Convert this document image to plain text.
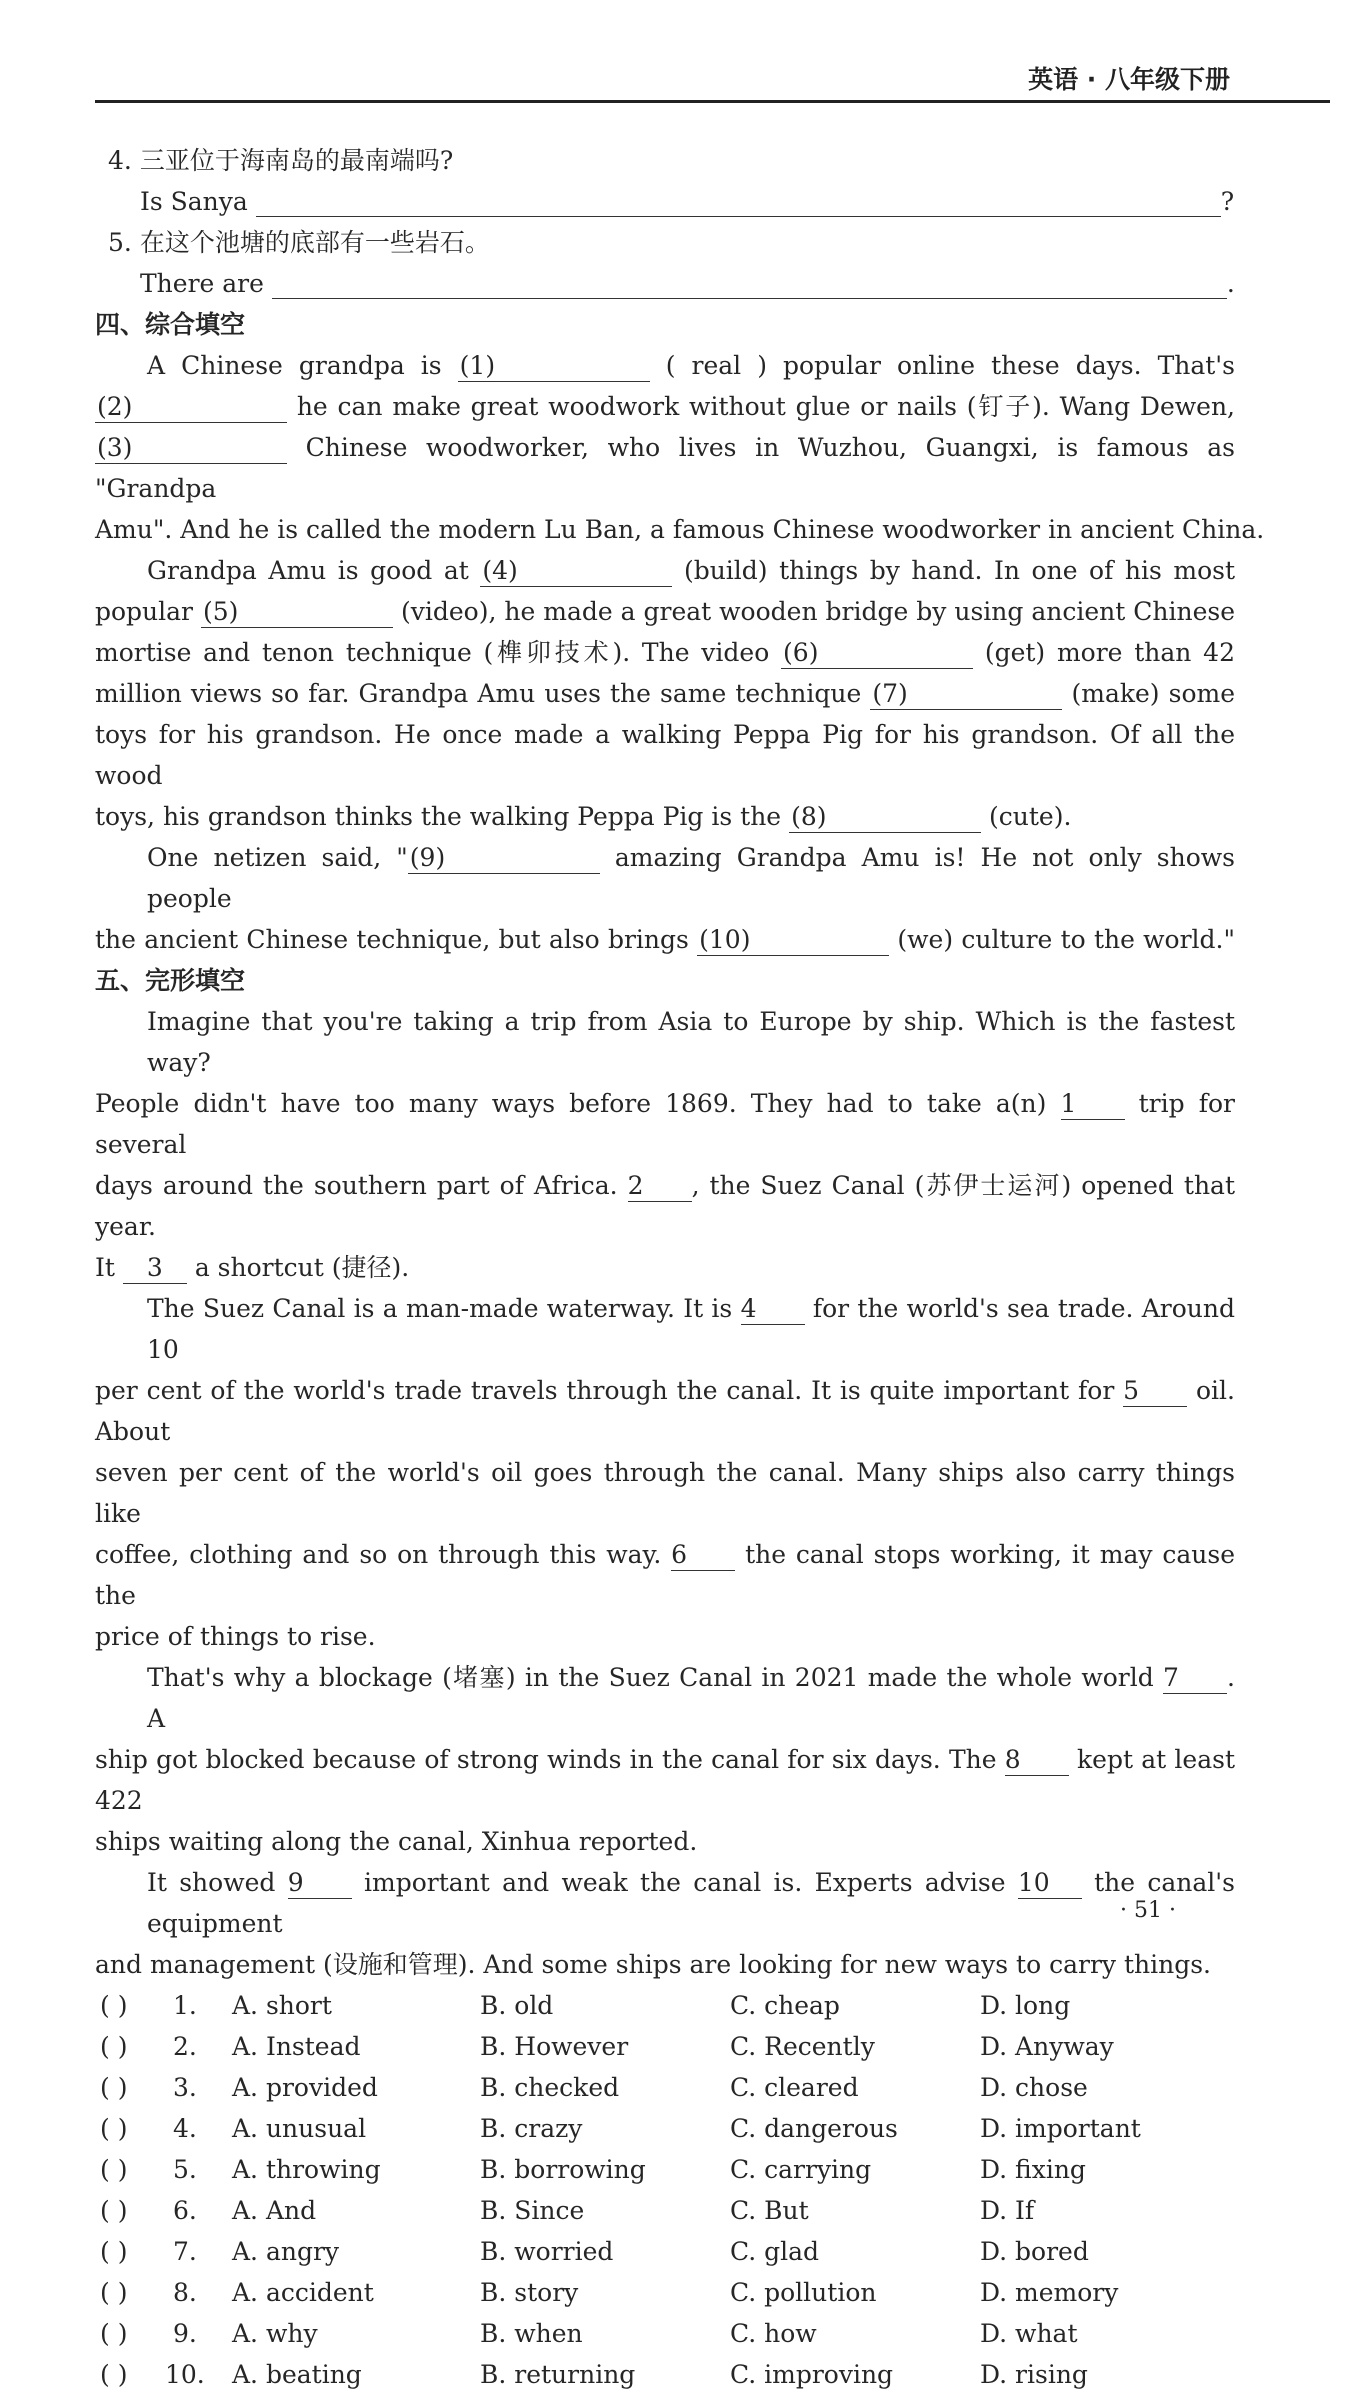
英语 · 八年级下册
4. 三亚位于海南岛的最南端吗?
Is Sanya	?
5. 在这个池塘的底部有一些岩石。
There are	.
四、综合填空
A Chinese grandpa is (1)	( real ) popular online these days. That's
(2)	he can make great woodwork without glue or nails (钉子). Wang Dewen,
(3)	Chinese woodworker, who lives in Wuzhou, Guangxi, is famous as "Grandpa
Amu". And he is called the modern Lu Ban, a famous Chinese woodworker in ancient China.
Grandpa Amu is good at (4)	(build) things by hand. In one of his most
popular (5)	(video), he made a great wooden bridge by using ancient Chinese
mortise and tenon technique (榫卯技术). The video (6)	(get) more than 42
million views so far. Grandpa Amu uses the same technique (7)	(make) some
toys for his grandson. He once made a walking Peppa Pig for his grandson. Of all the wood
toys, his grandson thinks the walking Peppa Pig is the (8)	(cute).
One netizen said, "(9)	amazing Grandpa Amu is! He not only shows people
the ancient Chinese technique, but also brings (10)	(we) culture to the world."
五、完形填空
Imagine that you're taking a trip from Asia to Europe by ship. Which is the fastest way?
People didn't have too many ways before 1869. They had to take a(n) 1 trip for several
days around the southern part of Africa. 2 , the Suez Canal (苏伊士运河) opened that year.
It 3 a shortcut (捷径).
The Suez Canal is a man-made waterway. It is 4 for the world's sea trade. Around 10
per cent of the world's trade travels through the canal. It is quite important for 5 oil. About
seven per cent of the world's oil goes through the canal. Many ships also carry things like
coffee, clothing and so on through this way. 6 the canal stops working, it may cause the
price of things to rise.
That's why a blockage (堵塞) in the Suez Canal in 2021 made the whole world 7 . A
ship got blocked because of strong winds in the canal for six days. The 8 kept at least 422
ships waiting along the canal, Xinhua reported.
It showed 9 important and weak the canal is. Experts advise 10 the canal's equipment
and management (设施和管理). And some ships are looking for new ways to carry things.
( ) 1. A. short	B. old	C. cheap	D. long
( ) 2. A. Instead	B. However	C. Recently	D. Anyway
( ) 3. A. provided	B. checked	C. cleared	D. chose
( ) 4. A. unusual	B. crazy	C. dangerous	D. important
( ) 5. A. throwing	B. borrowing	C. carrying	D. fixing
( ) 6. A. And	B. Since	C. But	D. If
( ) 7. A. angry	B. worried	C. glad	D. bored
( ) 8. A. accident	B. story	C. pollution	D. memory
( ) 9. A. why	B. when	C. how	D. what
( ) 10. A. beating	B. returning	C. improving	D. rising
· 51 ·
